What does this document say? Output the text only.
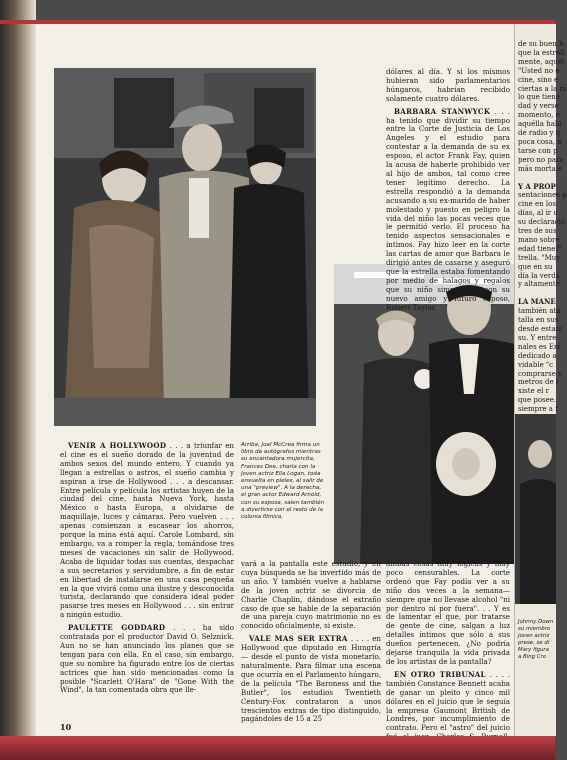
Arriba, Joel McCrea firma un libro de autógrafos mientras su encantadora mujercita, Frances Dee, charla con la joven actriz Ella Logan, toda envuelta en pieles, al salir de una "preview". A la derecha, el gran actor Edward Arnold, con su esposa, salen también a divertirse con el resto de la colonia fílmica.

VENIR A HOLLYWOOD . . . a triunfar en el cine es el sueño dorado de la juventud de ambos sexos del mundo entero. Y cuando ya llegan a estrellas o astros, el sueño cambia y aspiran a irse de Hollywood . . . a descansar. Entre película y película los artistas huyen de la ciudad del cine, hasta Nueva York, hasta México o hasta Europa, a olvidarse de maquillaje, luces y cámaras. Pero vuelven . . . apenas comienzan a escasear los ahorros, porque la mina está aquí. Carole Lombard, sin embargo, va a romper la regla, tomándose tres meses de vacaciones sin salir de Hollywood. Acaba de liquidar todas sus cuentas, despachar a sus secretarios y servidumbre, a fin de estar en libertad de instalarse en una casa pequeña en la que vivirá como una ilustre y desconocida turista, declarando que considera ideal poder pasarse tres meses en Hollywood . . . sin entrar a ningún estudio.

PAULETTE GODDARD . . . ha sido contratada por el productor David O. Selznick. Aun no se han anunciado los planes que se tengan para con ella. En el caso, sin embargo, que su nombre ha figurado entre los de ciertas actrices que han sido mencionadas como la posible "Scarlett O'Hara" de "Gone With the Wind", la tan comentada obra que lle-

vará a la pantalla este estudio, y en cuya búsqueda se ha invertido más de un año. Y también vuelve a hablarse de la joven actriz se divorcia de Charlie Chaplin, dándose el extraño caso de que se hable de la separación de una pareja cuyo matrimonio no es conocido oficialmente, si existe.

VALE MAS SER EXTRA . . . . en Hollywood que diputado en Hungría — desde el punto de vista monetario, naturalmente. Para filmar una escena que ocurría en el Parlamento húngaro, de la película "The Baroness and the Butler", los estudios Twentieth Century-Fox contrataron a unos trescientos extras de tipo distinguido, pagándoles de 15 a 25

dólares al día. Y si los mismos hubieran sido parlamentarios húngaros, habrían recibido solamente cuatro dólares.

BARBARA STANWYCK . . . ha tenido que dividir su tiempo entre la Corte de Justicia de Los Angeles y el estudio para contestar a la demanda de su ex esposo, el actor Frank Fay, quien la acusa de haberle prohibido ver al hijo de ambos, tal como cree tener legítimo derecho. La estrella respondió a la demanda acusando a su ex-marido de haber molestado y puesto en peligro la vida del niño las pocas veces que le permitió verlo. El proceso ha tenido aspectos sensacionales e íntimos. Fay hizo leer en la corte las cartas de amor que Barbara le dirigió antes de casarse y aseguró que la estrella estaba fomentando por medio de halagos y regalos que su niño simpatizara con su nuevo amigo y futuro esposo, Robert Taylor.

ambas cosas muy lógicas y muy poco censurables. La corte ordenó que Fay podía ver a su niño dos veces a la semana—siempre que no llevase alcohol "ni por dentro ni por fuera". . . Y es de lamentar el que, por tratarse de gente de cine, salgan a luz detalles íntimos que sólo a sus dueños pertenecen. ¿No podría dejarse tranquila la vida privada de los artistas de la pantalla?

EN OTRO TRIBUNAL . . . . también Constance Bennett acaba de ganar un pleito y cinco mil dólares en el juicio que le seguía la empresa Gaumont British de Londres, por incumplimiento de contrato. Pero el "astro" del juicio

10
de su buen h
que la estrell
mente, aquél
"Usted no e
cine, sino e
ciertas a la m
lo que tiene
dad y verse
momento, e
aquélla habí
de radio y q
poca cosa, a
tarse con p
pero no para
más mortale

Y A PROP
sentaciones p
cine en los
días, al ir u
su declaració
tres de sus
mano sobre
edad tiene?"
trella. "Muy
que en su
día la verdá
y altamente

LA MANE
también ata
talla en sus
desde estam
su. Y entre
nales es Err
dedicado a
vidable "c
comprarse v
metros de l
xiste el r
que posee.
siempre a f
Johnny Down
su miembro
joven actriz
prese, se di
Mary figura
a Bing Cro
